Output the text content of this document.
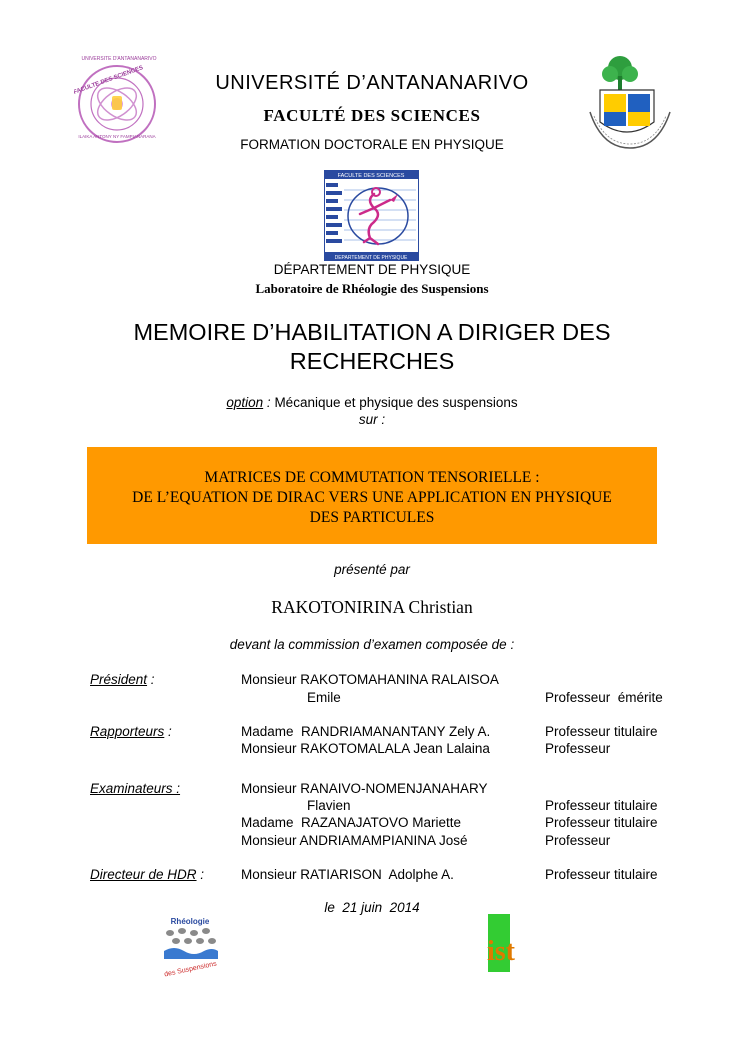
UNIVERSITE D'ANTANANARIVO
FACULTE DES SCIENCES
ILAIKA ANTONY NY FAMPIANARANA
UNIVERSITÉ D’ANTANANARIVO
FACULTÉ DES SCIENCES
FORMATION DOCTORALE EN PHYSIQUE
FACULTE DES SCIENCES
DEPARTEMENT DE PHYSIQUE
DÉPARTEMENT DE PHYSIQUE
Laboratoire de Rhéologie des Suspensions
MEMOIRE D’HABILITATION A DIRIGER DES
RECHERCHES
option : Mécanique et physique des suspensions
sur :
MATRICES DE COMMUTATION TENSORIELLE :
DE L’EQUATION DE DIRAC VERS UNE APPLICATION EN PHYSIQUE
DES PARTICULES
présenté par
RAKOTONIRINA Christian
devant la commission d’examen composée de :
Président :	Monsieur RAKOTOMAHANINA RALAISOA
Emile	Professeur  émérite
Rapporteurs :	Madame  RANDRIAMANANTANY Zely A.	Professeur titulaire
Monsieur RAKOTOMALALA Jean Lalaina	Professeur
Examinateurs :	Monsieur RANAIVO-NOMENJANAHARY
Flavien	Professeur titulaire
Madame  RAZANAJATOVO Mariette	Professeur titulaire
Monsieur ANDRIAMAMPIANINA José	Professeur
Directeur de HDR :	Monsieur RATIARISON  Adolphe A.	Professeur titulaire
le  21 juin  2014
Rhéologie
des Suspensions
ist
